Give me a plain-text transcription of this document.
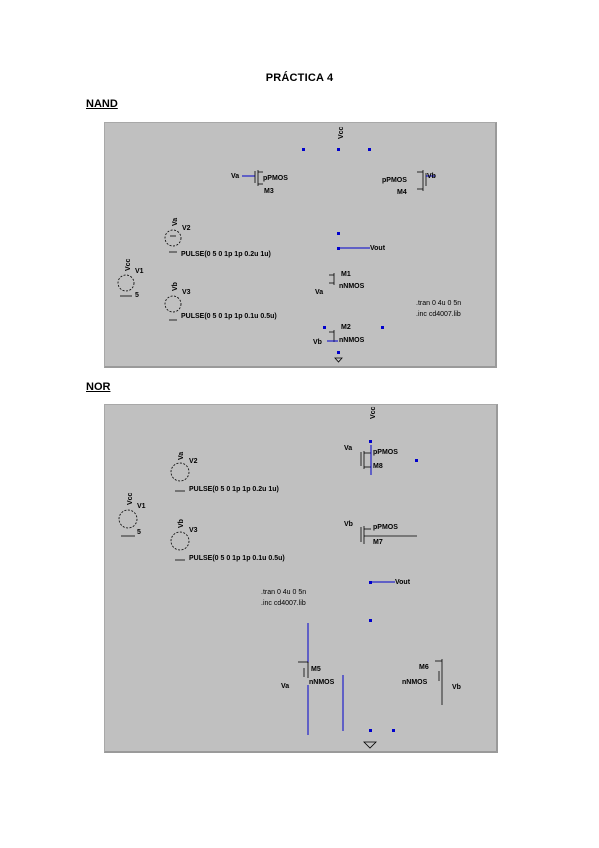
PRÁCTICA 4
NAND
Vcc
Va	pPMOS
M3
pPMOS
M4
Vb
Va
V2
PULSE(0 5 0 1p 1p 0.2u 1u)
Vcc
V1
5
Vb
V3
PULSE(0 5 0 1p 1p 0.1u 0.5u)
Vout
M1
nNMOS
Va
.tran 0 4u 0 5n
.inc cd4007.lib
M2
nNMOS
Vb
NOR
Vcc
Va
pPMOS
M8
Va
V2
PULSE(0 5 0 1p 1p 0.2u 1u)
Vcc
V1
5
Vb
V3
PULSE(0 5 0 1p 1p 0.1u 0.5u)
Vb	pPMOS
M7
Vout
.tran 0 4u 0 5n
.inc cd4007.lib
M5
Va
nNMOS
M6
nNMOS
Vb
